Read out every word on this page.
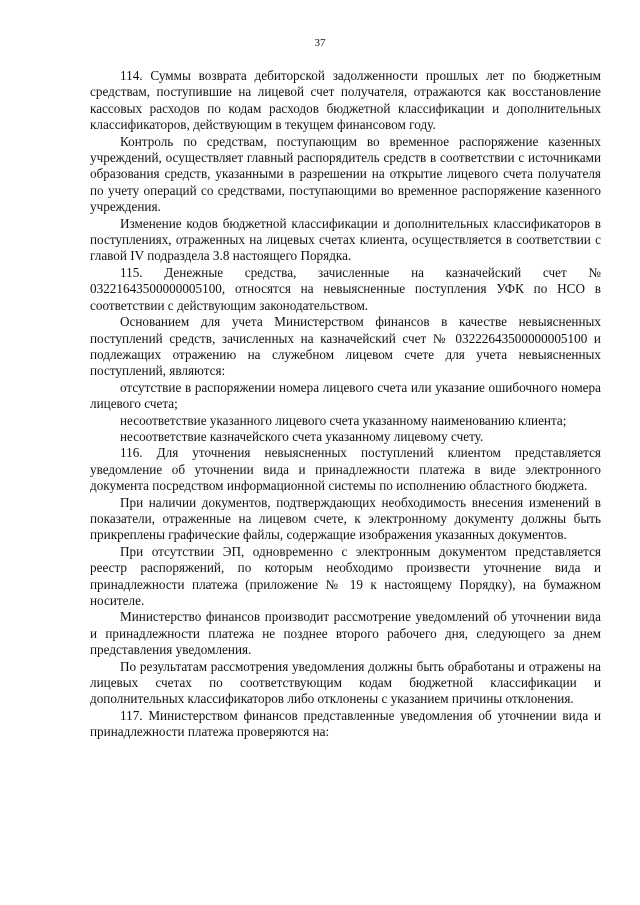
37

114. Суммы возврата дебиторской задолженности прошлых лет по бюджетным средствам, поступившие на лицевой счет получателя, отражаются как восстановление кассовых расходов по кодам расходов бюджетной классификации и дополнительных классификаторов, действующим в текущем финансовом году.

Контроль по средствам, поступающим во временное распоряжение казенных учреждений, осуществляет главный распорядитель средств в соответствии с источниками образования средств, указанными в разрешении на открытие лицевого счета получателя по учету операций со средствами, поступающими во временное распоряжение казенного учреждения.

Изменение кодов бюджетной классификации и дополнительных классификаторов в поступлениях, отраженных на лицевых счетах клиента, осуществляется в соответствии с главой IV подраздела 3.8 настоящего Порядка.

115. Денежные средства, зачисленные на казначейский счет № 03221643500000005100, относятся на невыясненные поступления УФК по НСО в соответствии с действующим законодательством.

Основанием для учета Министерством финансов в качестве невыясненных поступлений средств, зачисленных на казначейский счет № 03222643500000005100 и подлежащих отражению на служебном лицевом счете для учета невыясненных поступлений, являются:

отсутствие в распоряжении номера лицевого счета или указание ошибочного номера лицевого счета;

несоответствие указанного лицевого счета указанному наименованию клиента;

несоответствие казначейского счета указанному лицевому счету.

116. Для уточнения невыясненных поступлений клиентом представляется уведомление об уточнении вида и принадлежности платежа в виде электронного документа посредством информационной системы по исполнению областного бюджета.

При наличии документов, подтверждающих необходимость внесения изменений в показатели, отраженные на лицевом счете, к электронному документу должны быть прикреплены графические файлы, содержащие изображения указанных документов.

При отсутствии ЭП, одновременно с электронным документом представляется реестр распоряжений, по которым необходимо произвести уточнение вида и принадлежности платежа (приложение № 19 к настоящему Порядку), на бумажном носителе.

Министерство финансов производит рассмотрение уведомлений об уточнении вида и принадлежности платежа не позднее второго рабочего дня, следующего за днем представления уведомления.

По результатам рассмотрения уведомления должны быть обработаны и отражены на лицевых счетах по соответствующим кодам бюджетной классификации и дополнительных классификаторов либо отклонены с указанием причины отклонения.

117. Министерством финансов представленные уведомления об уточнении вида и принадлежности платежа проверяются на:
